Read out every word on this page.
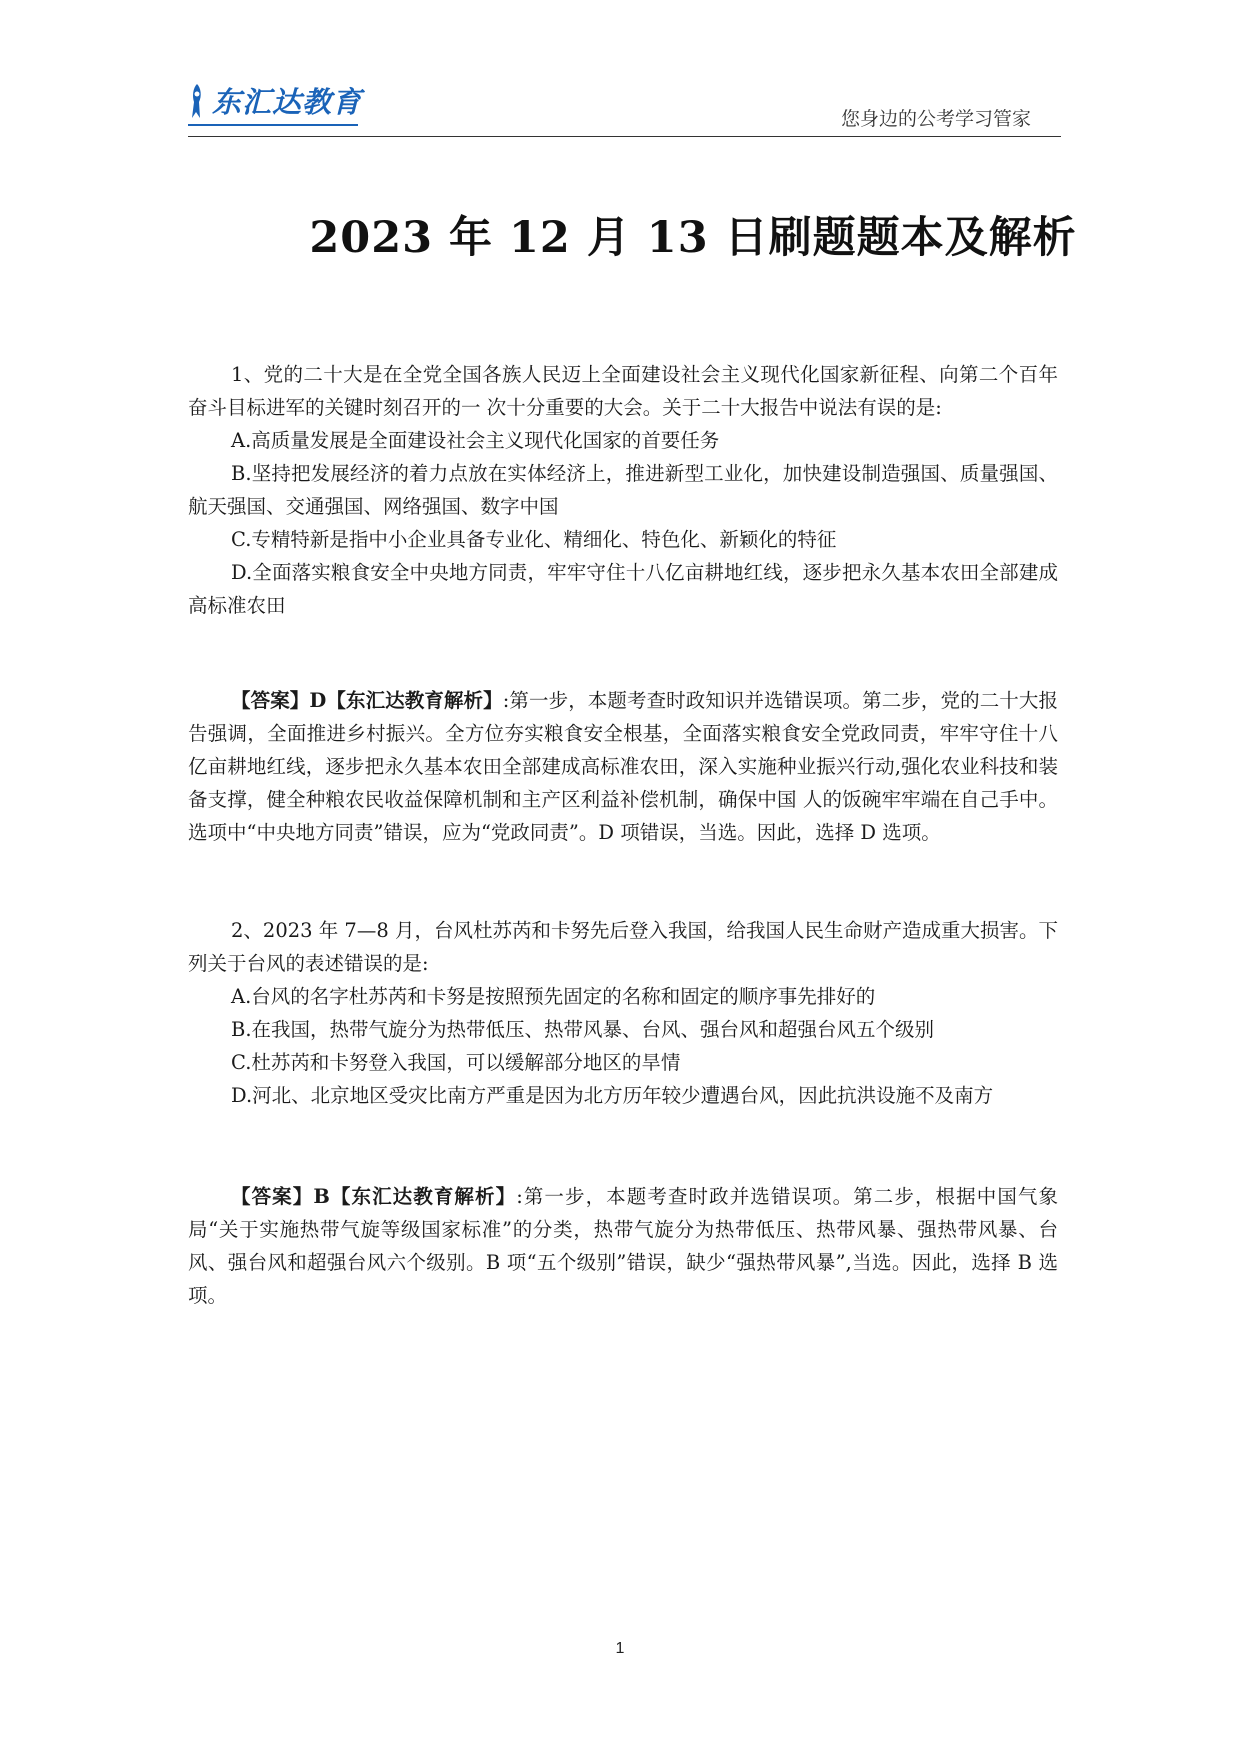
东汇达教育	您身边的公考学习管家
2023 年 12 月 13 日刷题题本及解析

1、党的二十大是在全党全国各族人民迈上全面建设社会主义现代化国家新征程、向第二个百年奋斗目标进军的关键时刻召开的一 次十分重要的大会。关于二十大报告中说法有误的是:

A.高质量发展是全面建设社会主义现代化国家的首要任务

B.坚持把发展经济的着力点放在实体经济上，推进新型工业化，加快建设制造强国、质量强国、航天强国、交通强国、网络强国、数字中国

C.专精特新是指中小企业具备专业化、精细化、特色化、新颖化的特征

D.全面落实粮食安全中央地方同责，牢牢守住十八亿亩耕地红线，逐步把永久基本农田全部建成高标准农田

【答案】D【东汇达教育解析】:第一步，本题考查时政知识并选错误项。第二步，党的二十大报告强调，全面推进乡村振兴。全方位夯实粮食安全根基，全面落实粮食安全党政同责，牢牢守住十八亿亩耕地红线，逐步把永久基本农田全部建成高标准农田，深入实施种业振兴行动,强化农业科技和装备支撑，健全种粮农民收益保障机制和主产区利益补偿机制，确保中国 人的饭碗牢牢端在自己手中。选项中“中央地方同责”错误，应为“党政同责”。D 项错误，当选。因此，选择 D 选项。

2、2023 年 7—8 月，台风杜苏芮和卡努先后登入我国，给我国人民生命财产造成重大损害。下列关于台风的表述错误的是:

A.台风的名字杜苏芮和卡努是按照预先固定的名称和固定的顺序事先排好的

B.在我国，热带气旋分为热带低压、热带风暴、台风、强台风和超强台风五个级别

C.杜苏芮和卡努登入我国，可以缓解部分地区的旱情

D.河北、北京地区受灾比南方严重是因为北方历年较少遭遇台风，因此抗洪设施不及南方

【答案】B【东汇达教育解析】:第一步，本题考查时政并选错误项。第二步，根据中国气象局“关于实施热带气旋等级国家标准”的分类，热带气旋分为热带低压、热带风暴、强热带风暴、台风、强台风和超强台风六个级别。B 项“五个级别”错误，缺少“强热带风暴”,当选。因此，选择 B 选项。

1
